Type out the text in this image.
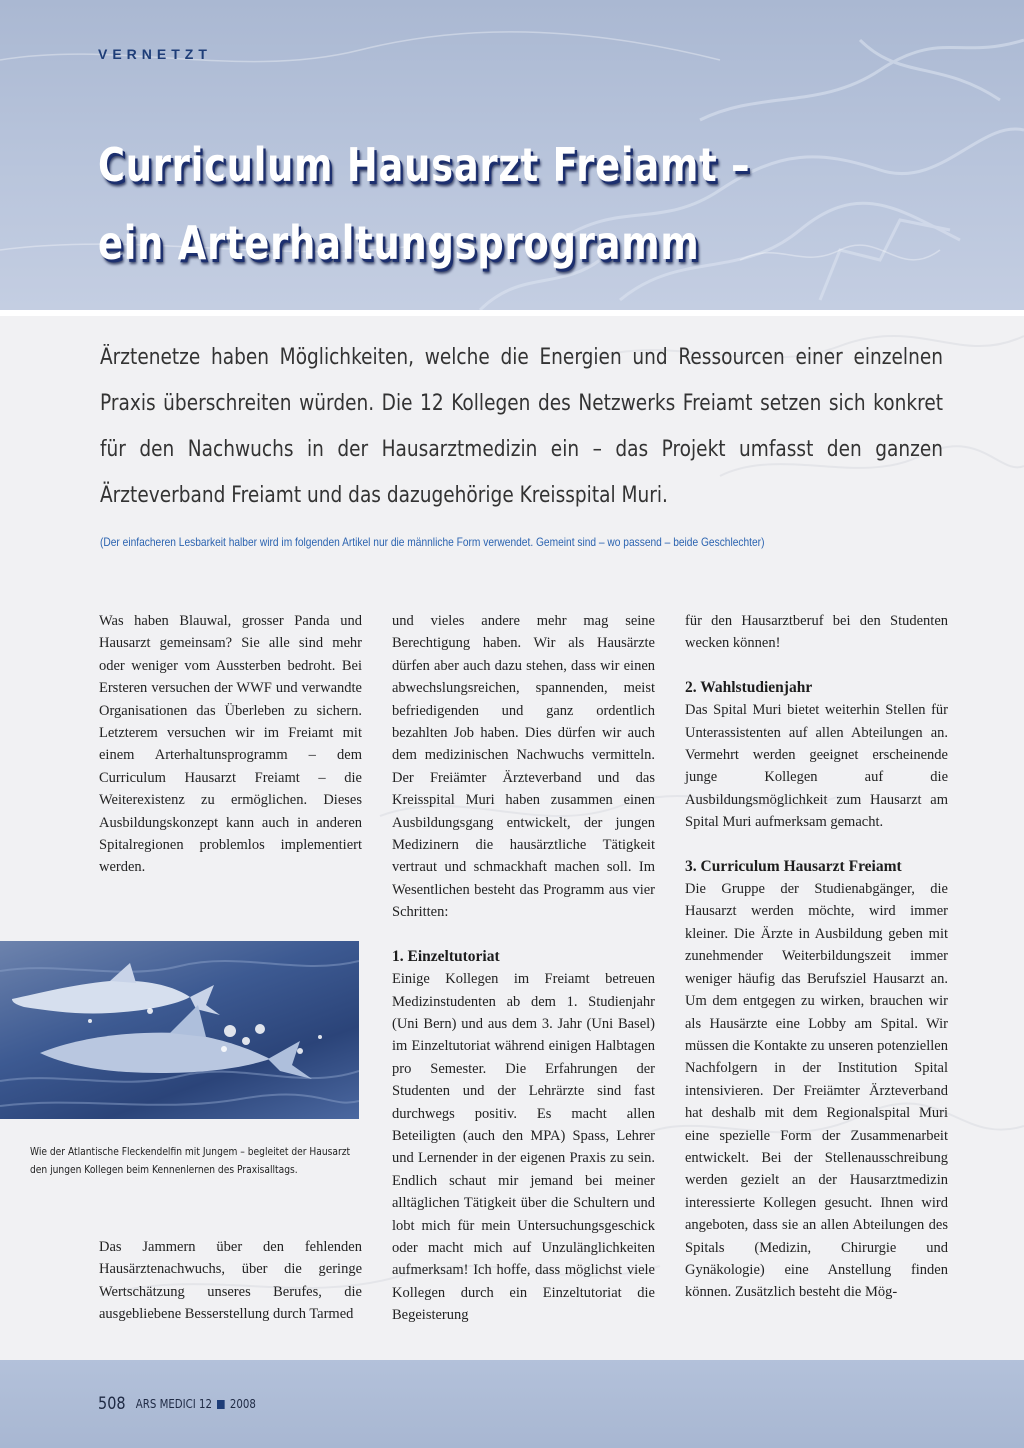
VERNETZT

Curriculum Hausarzt Freiamt –
ein Arterhaltungsprogramm

Ärztenetze haben Möglichkeiten, welche die Energien und Ressourcen einer einzelnen Praxis überschreiten würden. Die 12 Kollegen des Netzwerks Freiamt setzen sich konkret für den Nachwuchs in der Hausarztmedizin ein – das Projekt umfasst den ganzen Ärzteverband Freiamt und das dazugehörige Kreisspital Muri.

(Der einfacheren Lesbarkeit halber wird im folgenden Artikel nur die männliche Form verwendet. Gemeint sind – wo passend – beide Geschlechter)

Was haben Blauwal, grosser Panda und Hausarzt gemeinsam? Sie alle sind mehr oder weniger vom Aussterben bedroht. Bei Ersteren versuchen der WWF und verwandte Organisationen das Überleben zu sichern. Letzterem versuchen wir im Freiamt mit einem Arterhaltunsprogramm – dem Curriculum Hausarzt Freiamt – die Weiterexistenz zu ermöglichen. Dieses Ausbildungskonzept kann auch in anderen Spitalregionen problemlos implementiert werden.

Wie der Atlantische Fleckendelfin mit Jungem – begleitet der Hausarzt den jungen Kollegen beim Kennenlernen des Praxisalltags.

Das Jammern über den fehlenden Hausärztenachwuchs, über die geringe Wertschätzung unseres Berufes, die ausgebliebene Besserstellung durch Tarmed

und vieles andere mehr mag seine Berechtigung haben. Wir als Hausärzte dürfen aber auch dazu stehen, dass wir einen abwechslungsreichen, spannenden, meist befriedigenden und ganz ordentlich bezahlten Job haben. Dies dürfen wir auch dem medizinischen Nachwuchs vermitteln. Der Freiämter Ärzteverband und das Kreisspital Muri haben zusammen einen Ausbildungsgang entwickelt, der jungen Medizinern die hausärztliche Tätigkeit vertraut und schmackhaft machen soll. Im Wesentlichen besteht das Programm aus vier Schritten:

1. Einzeltutoriat

Einige Kollegen im Freiamt betreuen Medizinstudenten ab dem 1. Studienjahr (Uni Bern) und aus dem 3. Jahr (Uni Basel) im Einzeltutoriat während einigen Halbtagen pro Semester. Die Erfahrungen der Studenten und der Lehrärzte sind fast durchwegs positiv. Es macht allen Beteiligten (auch den MPA) Spass, Lehrer und Lernender in der eigenen Praxis zu sein. Endlich schaut mir jemand bei meiner alltäglichen Tätigkeit über die Schultern und lobt mich für mein Untersuchungsgeschick oder macht mich auf Unzulänglichkeiten aufmerksam! Ich hoffe, dass möglichst viele Kollegen durch ein Einzeltutoriat die Begeisterung

für den Hausarztberuf bei den Studenten wecken können!

2. Wahlstudienjahr

Das Spital Muri bietet weiterhin Stellen für Unterassistenten auf allen Abteilungen an. Vermehrt werden geeignet erscheinende junge Kollegen auf die Ausbildungsmöglichkeit zum Hausarzt am Spital Muri aufmerksam gemacht.

3. Curriculum Hausarzt Freiamt

Die Gruppe der Studienabgänger, die Hausarzt werden möchte, wird immer kleiner. Die Ärzte in Ausbildung geben mit zunehmender Weiterbildungszeit immer weniger häufig das Berufsziel Hausarzt an. Um dem entgegen zu wirken, brauchen wir als Hausärzte eine Lobby am Spital. Wir müssen die Kontakte zu unseren potenziellen Nachfolgern in der Institution Spital intensivieren. Der Freiämter Ärzteverband hat deshalb mit dem Regionalspital Muri eine spezielle Form der Zusammenarbeit entwickelt. Bei der Stellenausschreibung werden gezielt an der Hausarztmedizin interessierte Kollegen gesucht. Ihnen wird angeboten, dass sie an allen Abteilungen des Spitals (Medizin, Chirurgie und Gynäkologie) eine Anstellung finden können. Zusätzlich besteht die Mög-

508 ARS MEDICI 12 2008
